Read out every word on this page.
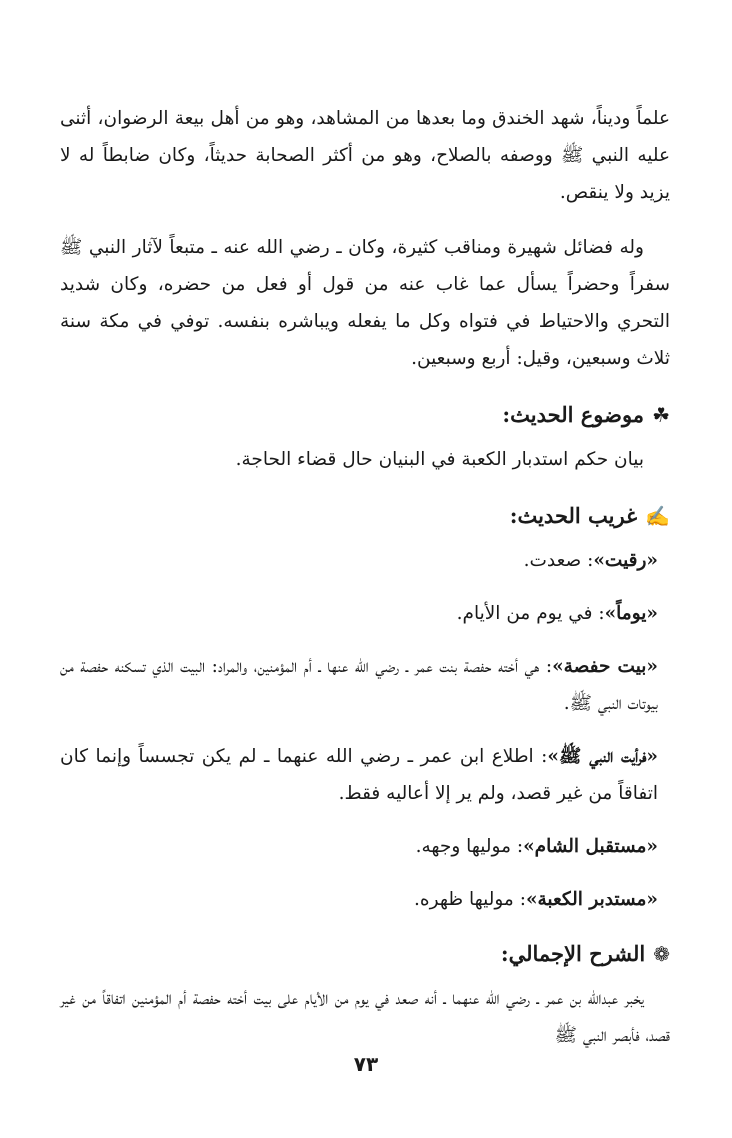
علماً وديناً، شهد الخندق وما بعدها من المشاهد، وهو من أهل بيعة الرضوان، أثنى عليه النبي ﷺ ووصفه بالصلاح، وهو من أكثر الصحابة حديثاً، وكان ضابطاً له لا يزيد ولا ينقص.

وله فضائل شهيرة ومناقب كثيرة، وكان ـ رضي الله عنه ـ متبعاً لآثار النبي ﷺ سفراً وحضراً يسأل عما غاب عنه من قول أو فعل من حضره، وكان شديد التحري والاحتياط في فتواه وكل ما يفعله ويباشره بنفسه. توفي في مكة سنة ثلاث وسبعين، وقيل: أربع وسبعين.

☘
موضوع الحديث:

بيان حكم استدبار الكعبة في البنيان حال قضاء الحاجة.

✍
غريب الحديث:

«رقيت»: صعدت.

«يوماً»: في يوم من الأيام.

«بيت حفصة»: هي أخته حفصة بنت عمر ـ رضي الله عنها ـ أم المؤمنين، والمراد: البيت الذي تسكنه حفصة من بيوتات النبي ﷺ.

«فرأيت النبي ﷺ»: اطلاع ابن عمر ـ رضي الله عنهما ـ لم يكن تجسساً وإنما كان اتفاقاً من غير قصد، ولم ير إلا أعاليه فقط.

«مستقبل الشام»: موليها وجهه.

«مستدبر الكعبة»: موليها ظهره.

❁
الشرح الإجمالي:

يخبر عبدالله بن عمر ـ رضي الله عنهما ـ أنه صعد في يوم من الأيام على بيت أخته حفصة أم المؤمنين اتفاقاً من غير قصد، فأبصر النبي ﷺ

٧٣
